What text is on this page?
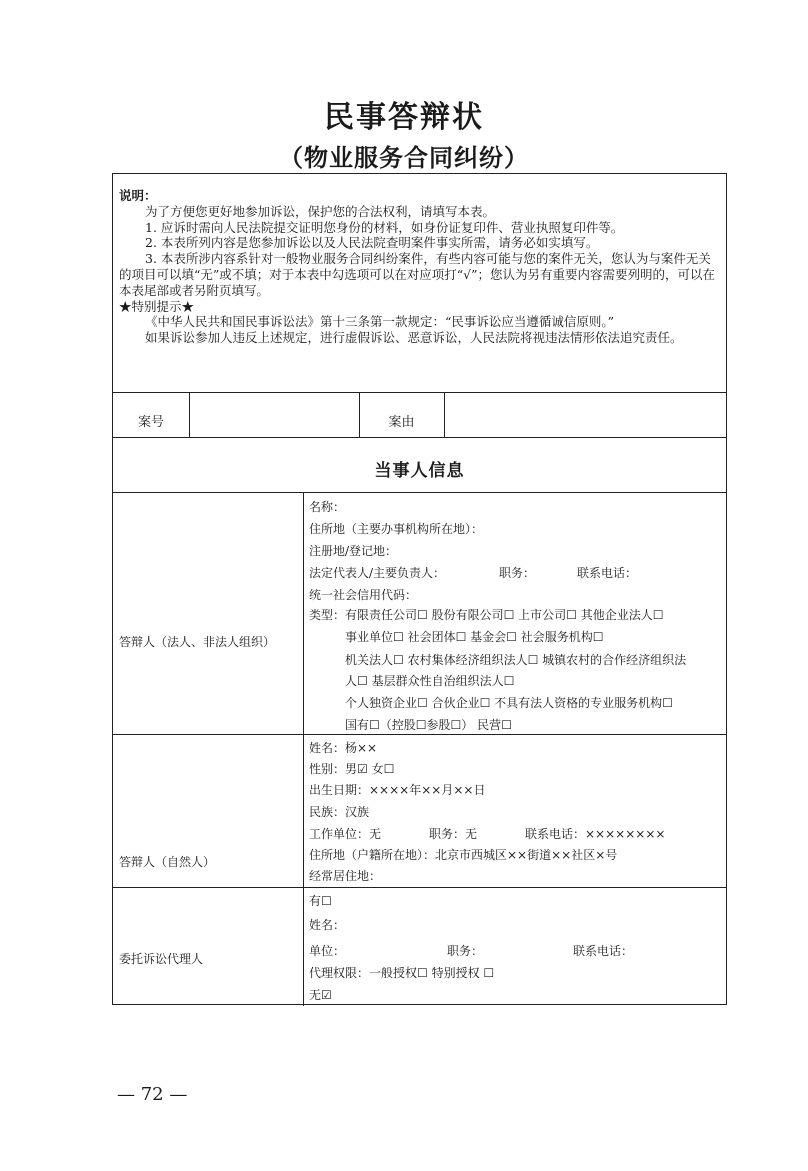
民事答辩状
（物业服务合同纠纷）

说明：

为了方便您更好地参加诉讼，保护您的合法权利，请填写本表。

1. 应诉时需向人民法院提交证明您身份的材料，如身份证复印件、营业执照复印件等。

2. 本表所列内容是您参加诉讼以及人民法院查明案件事实所需，请务必如实填写。

3. 本表所涉内容系针对一般物业服务合同纠纷案件，有些内容可能与您的案件无关，您认为与案件无关的项目可以填“无”或不填；对于本表中勾选项可以在对应项打“√”；您认为另有重要内容需要列明的，可以在本表尾部或者另附页填写。

★特别提示★

《中华人民共和国民事诉讼法》第十三条第一款规定：“民事诉讼应当遵循诚信原则。”

如果诉讼参加人违反上述规定，进行虚假诉讼、恶意诉讼，人民法院将视违法情形依法追究责任。

案号	案由
当事人信息
答辩人（法人、非法人组织）
名称：
住所地（主要办事机构所在地）：
注册地/登记地：
法定代表人/主要负责人：　　　　　职务：　　　　联系电话：
统一社会信用代码：
类型：有限责任公司☐ 股份有限公司☐ 上市公司☐ 其他企业法人☐
事业单位☐ 社会团体☐ 基金会☐ 社会服务机构☐
机关法人☐ 农村集体经济组织法人☐ 城镇农村的合作经济组织法
人☐ 基层群众性自治组织法人☐
个人独资企业☐ 合伙企业☐ 不具有法人资格的专业服务机构☐
国有☐（控股☐参股☐） 民营☐
答辩人（自然人）
姓名：杨××
性别：男☑ 女☐
出生日期：××××年××月××日
民族：汉族
工作单位：无　　　　职务：无　　　　联系电话：××××××××
住所地（户籍所在地）：北京市西城区××街道××社区×号
经常居住地：
委托诉讼代理人
有☐
姓名：
单位：　　　　　　　　　职务：　　　　　　　　联系电话：
代理权限：一般授权☐ 特别授权 ☐
无☑
— 72 —
